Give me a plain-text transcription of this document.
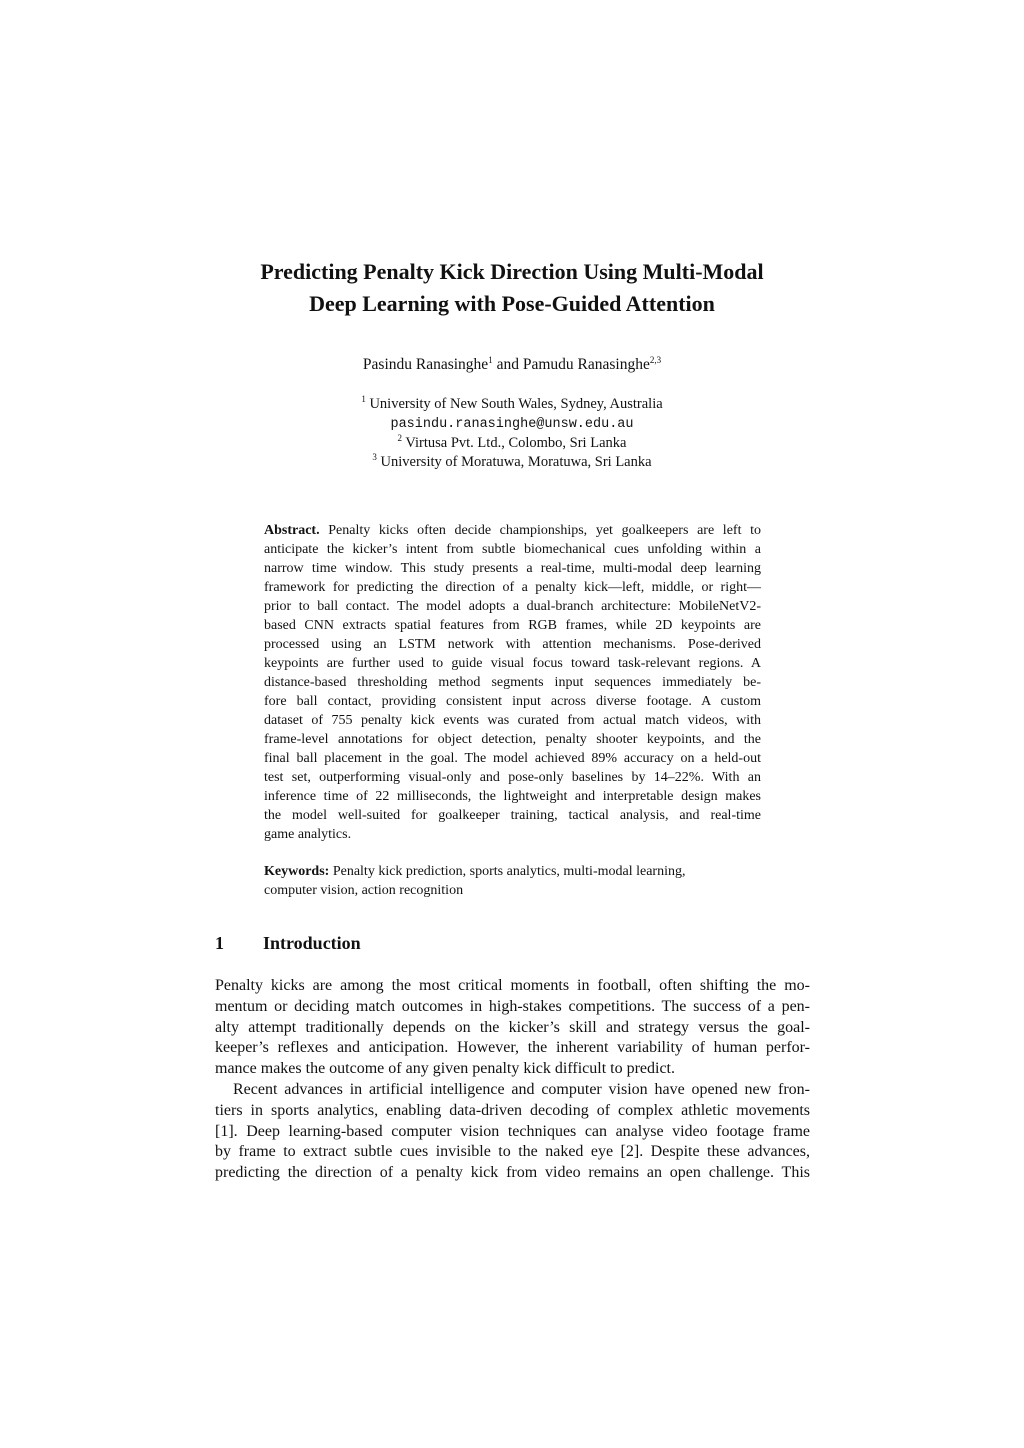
Predicting Penalty Kick Direction Using Multi-Modal
Deep Learning with Pose-Guided Attention
Pasindu Ranasinghe$^1$ and Pamudu Ranasinghe$^{2,3}$
$^1$ University of New South Wales, Sydney, Australia
pasindu.ranasinghe@unsw.edu.au
$^2$ Virtusa Pvt. Ltd., Colombo, Sri Lanka
$^3$ University of Moratuwa, Moratuwa, Sri Lanka
Abstract. Penalty kicks often decide championships, yet goalkeepers are left to
anticipate the kicker’s intent from subtle biomechanical cues unfolding within a
narrow time window. This study presents a real-time, multi-modal deep learning
framework for predicting the direction of a penalty kick—left, middle, or right—
prior to ball contact. The model adopts a dual-branch architecture: MobileNetV2-
based CNN extracts spatial features from RGB frames, while 2D keypoints are
processed using an LSTM network with attention mechanisms. Pose-derived
keypoints are further used to guide visual focus toward task-relevant regions. A
distance-based thresholding method segments input sequences immediately be-
fore ball contact, providing consistent input across diverse footage. A custom
dataset of 755 penalty kick events was curated from actual match videos, with
frame-level annotations for object detection, penalty shooter keypoints, and the
final ball placement in the goal. The model achieved 89% accuracy on a held-out
test set, outperforming visual-only and pose-only baselines by 14–22%. With an
inference time of 22 milliseconds, the lightweight and interpretable design makes
the model well-suited for goalkeeper training, tactical analysis, and real-time
game analytics.
Keywords: Penalty kick prediction, sports analytics, multi-modal learning,
computer vision, action recognition
1 Introduction
Penalty kicks are among the most critical moments in football, often shifting the mo-
mentum or deciding match outcomes in high-stakes competitions. The success of a pen-
alty attempt traditionally depends on the kicker’s skill and strategy versus the goal-
keeper’s reflexes and anticipation. However, the inherent variability of human perfor-
mance makes the outcome of any given penalty kick difficult to predict.
Recent advances in artificial intelligence and computer vision have opened new fron-
tiers in sports analytics, enabling data-driven decoding of complex athletic movements
[1]. Deep learning-based computer vision techniques can analyse video footage frame
by frame to extract subtle cues invisible to the naked eye [2]. Despite these advances,
predicting the direction of a penalty kick from video remains an open challenge. This
